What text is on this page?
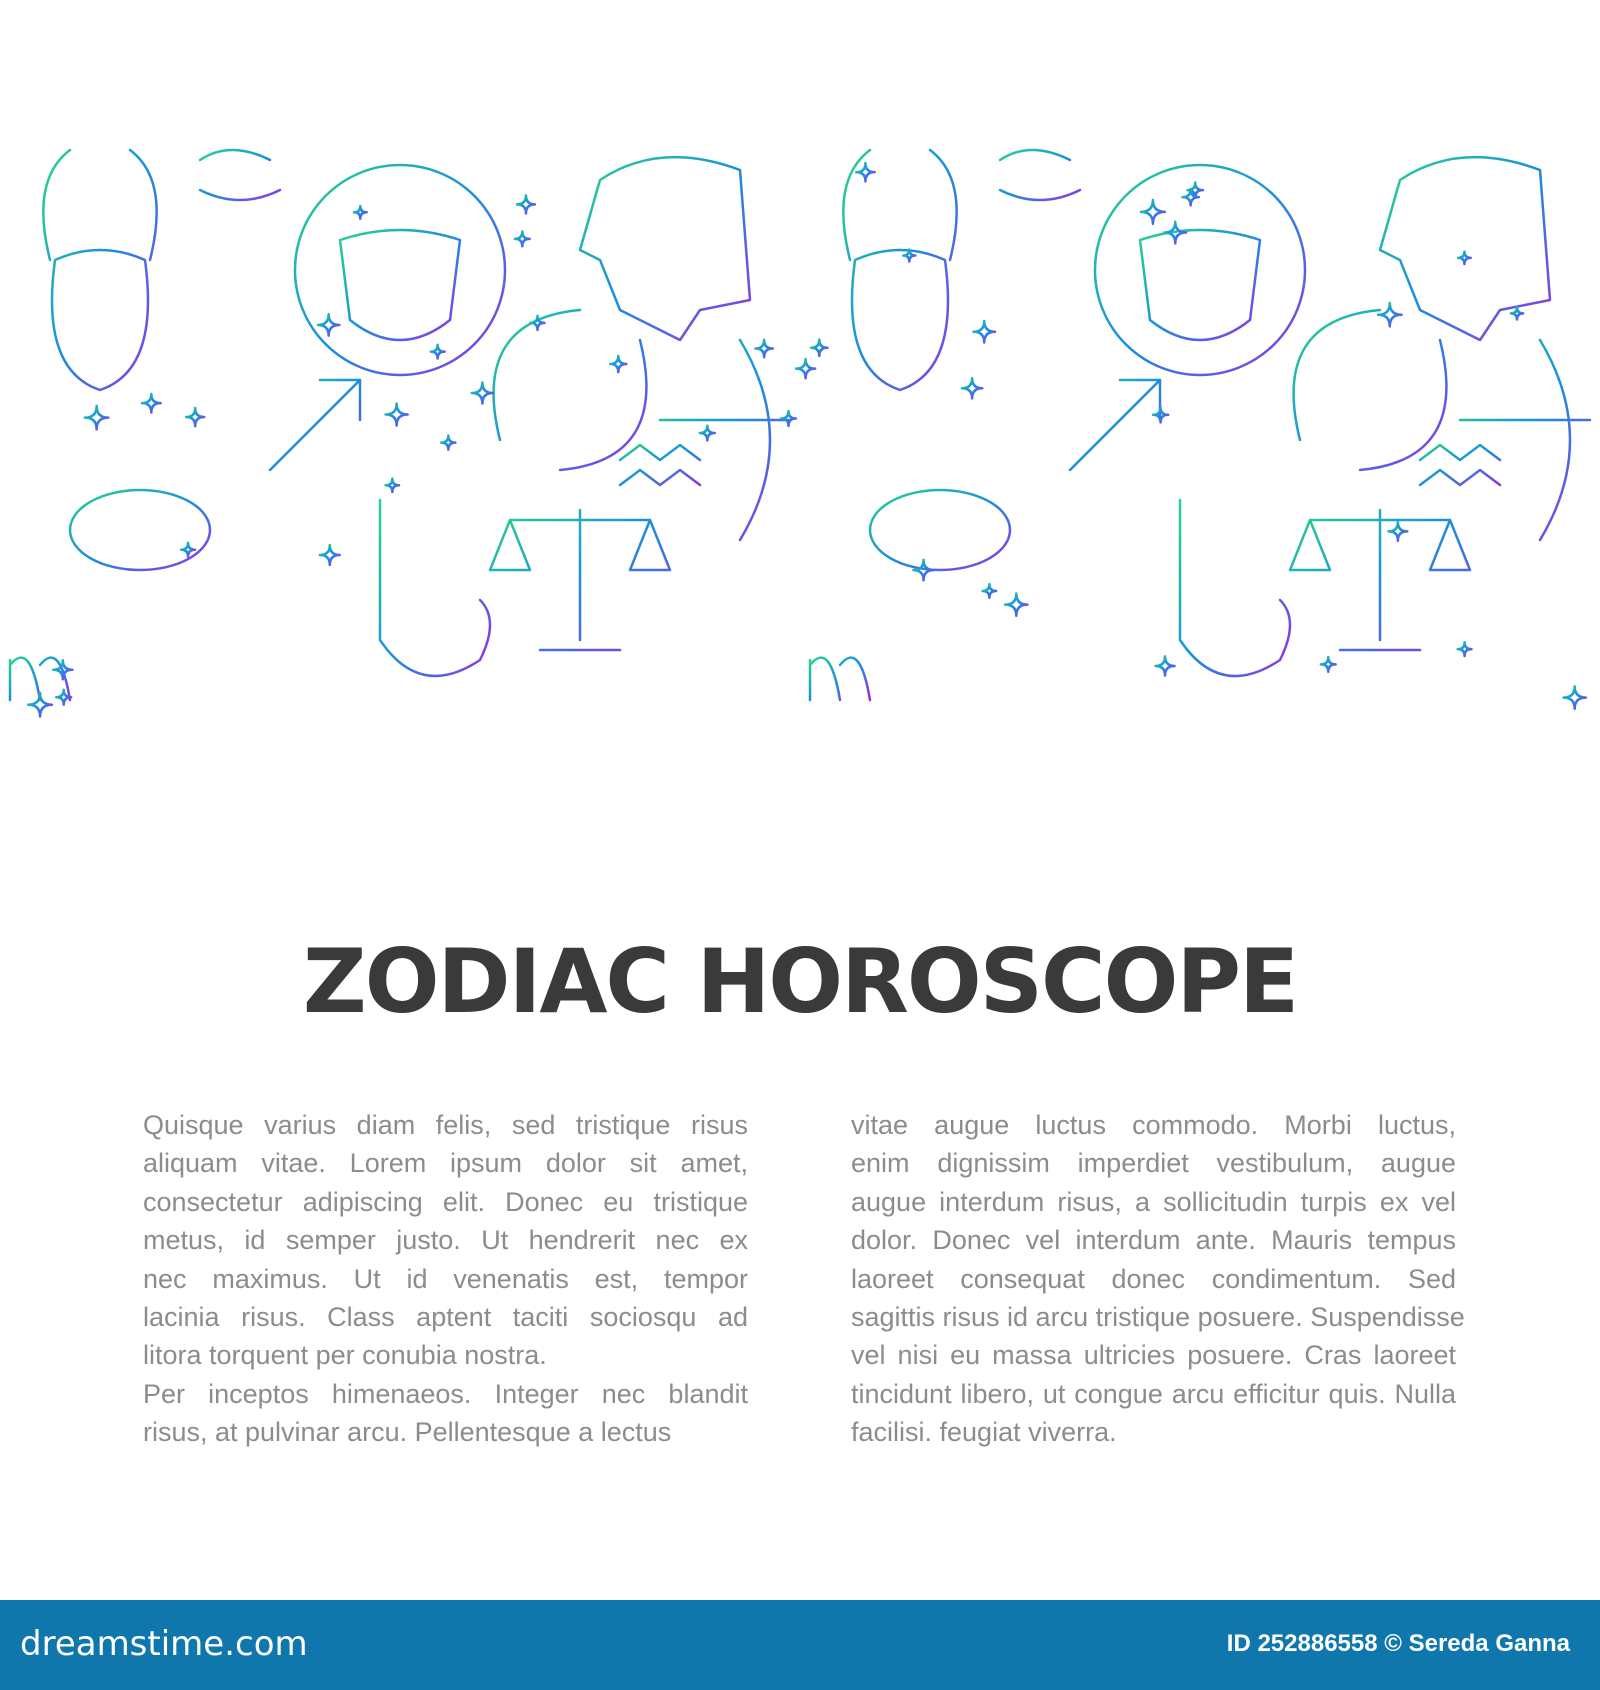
ZODIAC HOROSCOPE
Quisque varius diam felis, sed tristique risus
aliquam vitae. Lorem ipsum dolor sit amet,
consectetur adipiscing elit. Donec eu tristique
metus, id semper justo. Ut hendrerit nec ex
nec maximus. Ut id venenatis est, tempor
lacinia risus. Class aptent taciti sociosqu ad
litora torquent per conubia nostra.
Per inceptos himenaeos. Integer nec blandit
risus, at pulvinar arcu. Pellentesque a lectus
vitae augue luctus commodo. Morbi luctus,
enim dignissim imperdiet vestibulum, augue
augue interdum risus, a sollicitudin turpis ex vel
dolor. Donec vel interdum ante. Mauris tempus
laoreet consequat donec condimentum. Sed
sagittis risus id arcu tristique posuere. Suspendisse
vel nisi eu massa ultricies posuere. Cras laoreet
tincidunt libero, ut congue arcu efficitur quis. Nulla
facilisi. feugiat viverra.
dreamstime.com	ID 252886558 © Sereda Ganna
